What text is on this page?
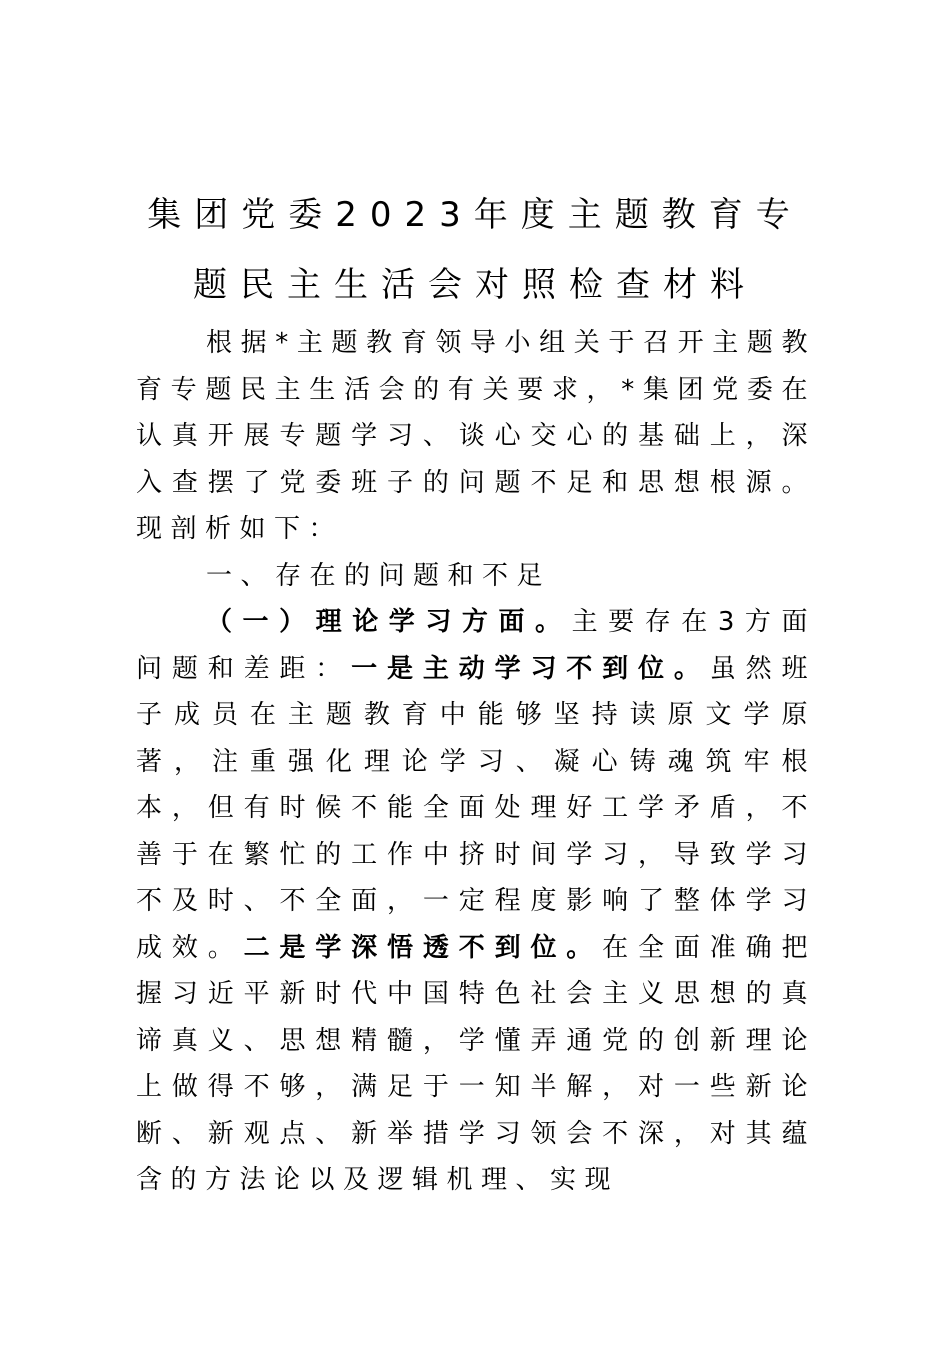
集团党委2023年度主题教育专
题民主生活会对照检查材料

根据*主题教育领导小组关于召开主题教育专题民主生活会的有关要求，*集团党委在认真开展专题学习、谈心交心的基础上，深入查摆了党委班子的问题不足和思想根源。现剖析如下：

一、存在的问题和不足

（一）理论学习方面。主要存在3方面问题和差距：一是主动学习不到位。虽然班子成员在主题教育中能够坚持读原文学原著，注重强化理论学习、凝心铸魂筑牢根本，但有时候不能全面处理好工学矛盾，不善于在繁忙的工作中挤时间学习，导致学习不及时、不全面，一定程度影响了整体学习成效。二是学深悟透不到位。在全面准确把握习近平新时代中国特色社会主义思想的真谛真义、思想精髓，学懂弄通党的创新理论上做得不够，满足于一知半解，对一些新论断、新观点、新举措学习领会不深，对其蕴含的方法论以及逻辑机理、实现
